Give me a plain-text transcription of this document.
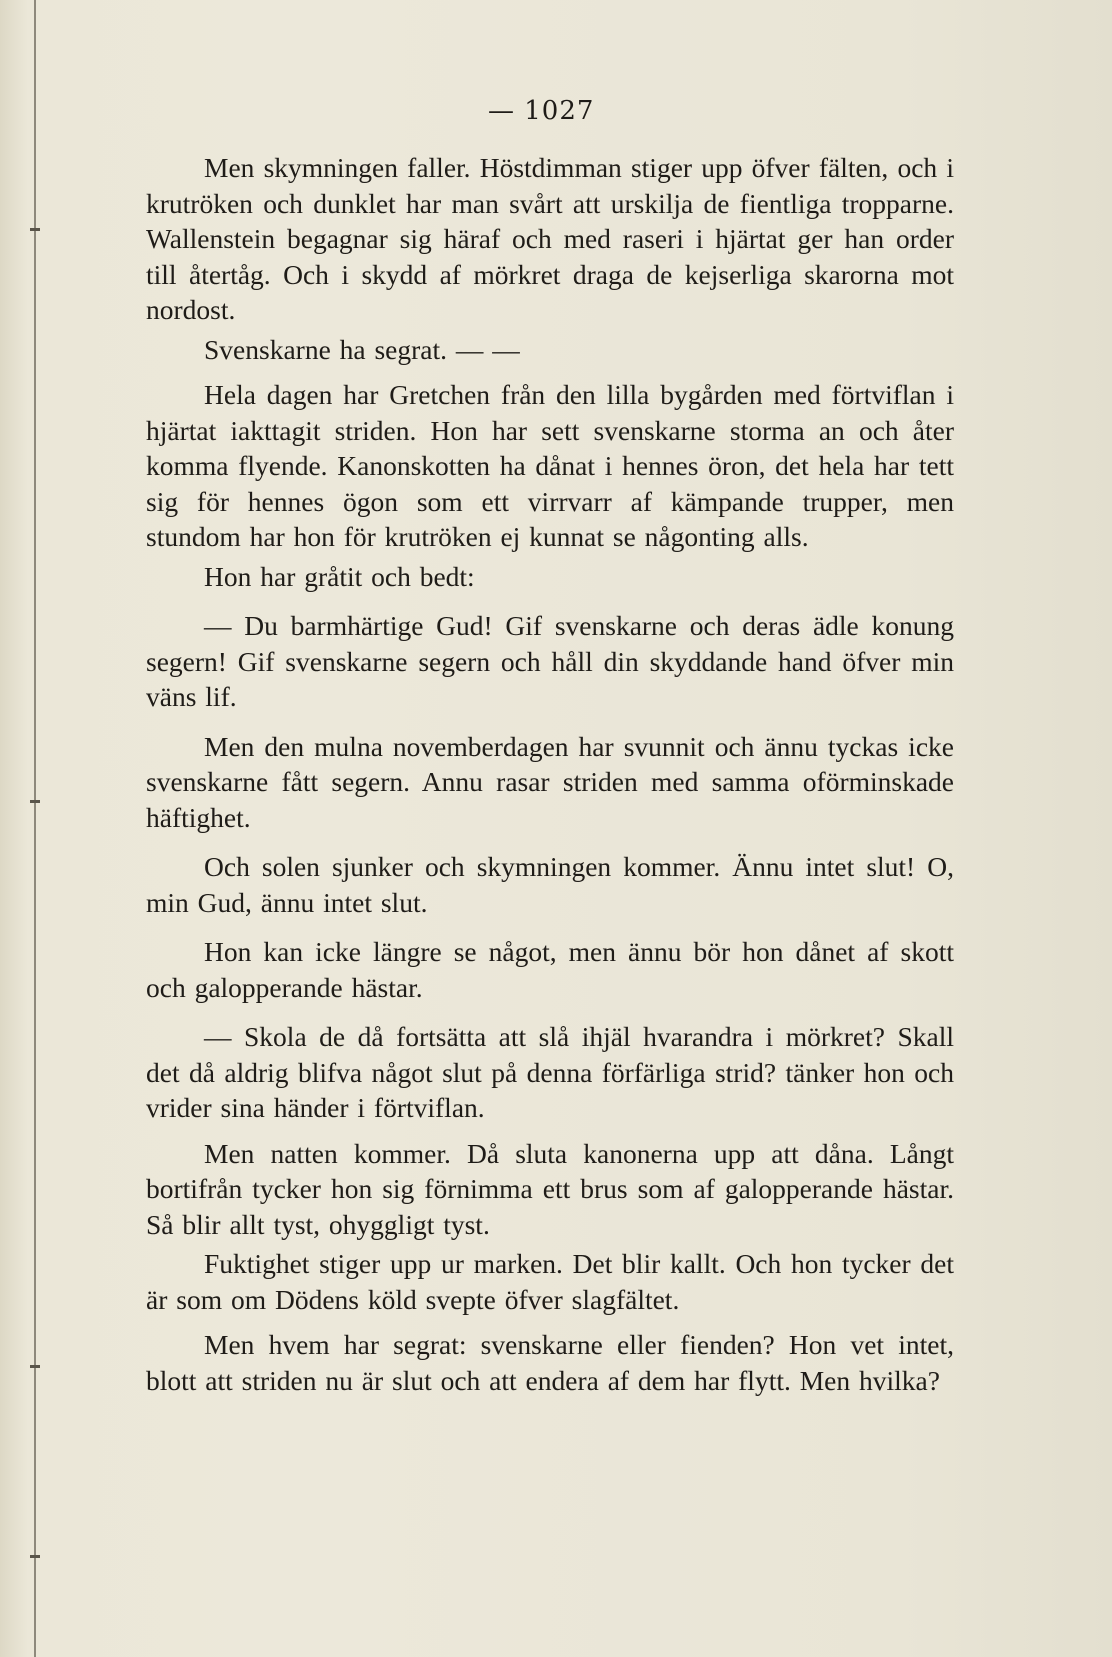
— 1027

Men skymningen faller. Höstdimman stiger upp öfver fälten, och i krutröken och dunklet har man svårt att urskilja de fientliga tropparne. Wallenstein begagnar sig häraf och med raseri i hjärtat ger han order till återtåg. Och i skydd af mörkret draga de kejserliga skarorna mot nordost.

Svenskarne ha segrat. — —

Hela dagen har Gretchen från den lilla bygården med förtviflan i hjärtat iakttagit striden. Hon har sett svenskarne storma an och åter komma flyende. Kanonskotten ha dånat i hennes öron, det hela har tett sig för hennes ögon som ett virrvarr af kämpande trupper, men stundom har hon för krutröken ej kunnat se någonting alls.

Hon har gråtit och bedt:

— Du barmhärtige Gud! Gif svenskarne och deras ädle konung segern! Gif svenskarne segern och håll din skyddande hand öfver min väns lif.

Men den mulna novemberdagen har svunnit och ännu tyckas icke svenskarne fått segern. Annu rasar striden med samma oförminskade häftighet.

Och solen sjunker och skymningen kommer. Ännu intet slut! O, min Gud, ännu intet slut.

Hon kan icke längre se något, men ännu bör hon dånet af skott och galopperande hästar.

— Skola de då fortsätta att slå ihjäl hvarandra i mörkret? Skall det då aldrig blifva något slut på denna förfärliga strid? tänker hon och vrider sina händer i förtviflan.

Men natten kommer. Då sluta kanonerna upp att dåna. Långt bortifrån tycker hon sig förnimma ett brus som af galopperande hästar. Så blir allt tyst, ohyggligt tyst.

Fuktighet stiger upp ur marken. Det blir kallt. Och hon tycker det är som om Dödens köld svepte öfver slagfältet.

Men hvem har segrat: svenskarne eller fienden? Hon vet intet, blott att striden nu är slut och att endera af dem har flytt. Men hvilka?
